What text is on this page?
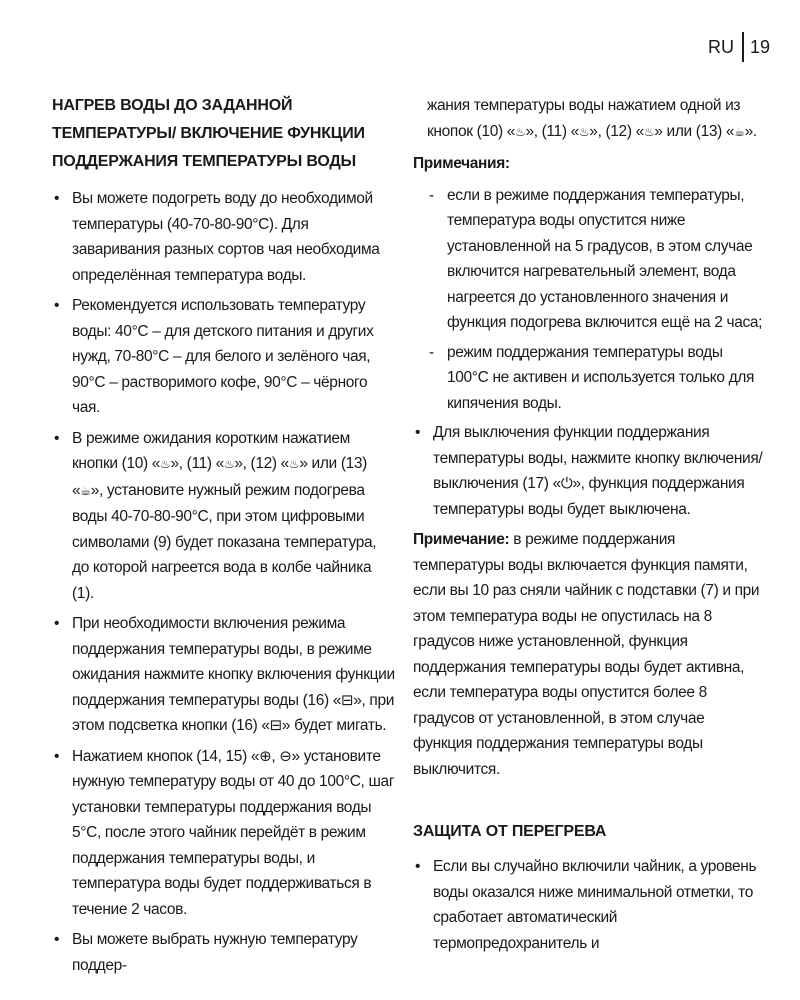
RU 19
НАГРЕВ ВОДЫ ДО ЗАДАННОЙ ТЕМПЕРАТУРЫ/ ВКЛЮЧЕНИЕ ФУНКЦИИ ПОДДЕРЖАНИЯ ТЕМПЕРАТУРЫ ВОДЫ
• Вы можете подогреть воду до необходимой температуры (40-70-80-90°С). Для заваривания разных сортов чая необходима определённая температура воды.
• Рекомендуется использовать температуру воды: 40°С – для детского питания и других нужд, 70-80°С – для белого и зелёного чая, 90°С – растворимого кофе, 90°С – чёрного чая.
• В режиме ожидания коротким нажатием кнопки (10) «♨», (11) «♨», (12) «♨» или (13) «☕», установите нужный режим подогрева воды 40-70-80-90°С, при этом цифровыми символами (9) будет показана температура, до которой нагреется вода в колбе чайника (1).
• При необходимости включения режима поддержания температуры воды, в режиме ожидания нажмите кнопку включения функции поддержания температуры воды (16) «⊟», при этом подсветка кнопки (16) «⊟» будет мигать.
• Нажатием кнопок (14, 15) «⊕, ⊖» установите нужную температуру воды от 40 до 100°С, шаг установки температуры поддержания воды 5°С, после этого чайник перейдёт в режим поддержания температуры воды, и температура воды будет поддерживаться в течение 2 часов.
• Вы можете выбрать нужную температуру поддер-

жания температуры воды нажатием одной из кнопок (10) «♨», (11) «♨», (12) «♨» или (13) «☕».

Примечания:
- если в режиме поддержания температуры, температура воды опустится ниже установленной на 5 градусов, в этом случае включится нагревательный элемент, вода нагреется до установленного значения и функция подогрева включится ещё на 2 часа;
- режим поддержания температуры воды 100°С не активен и используется только для кипячения воды.
• Для выключения функции поддержания температуры воды, нажмите кнопку включения/выключения (17) «⏻», функция поддержания температуры воды будет выключена.

Примечание: в режиме поддержания температуры воды включается функция памяти, если вы 10 раз сняли чайник с подставки (7) и при этом температура воды не опустилась на 8 градусов ниже установленной, функция поддержания температуры воды будет активна, если температура воды опустится более 8 градусов от установленной, в этом случае функция поддержания температуры воды выключится.

ЗАЩИТА ОТ ПЕРЕГРЕВА
• Если вы случайно включили чайник, а уровень воды оказался ниже минимальной отметки, то сработает автоматический термопредохранитель и
